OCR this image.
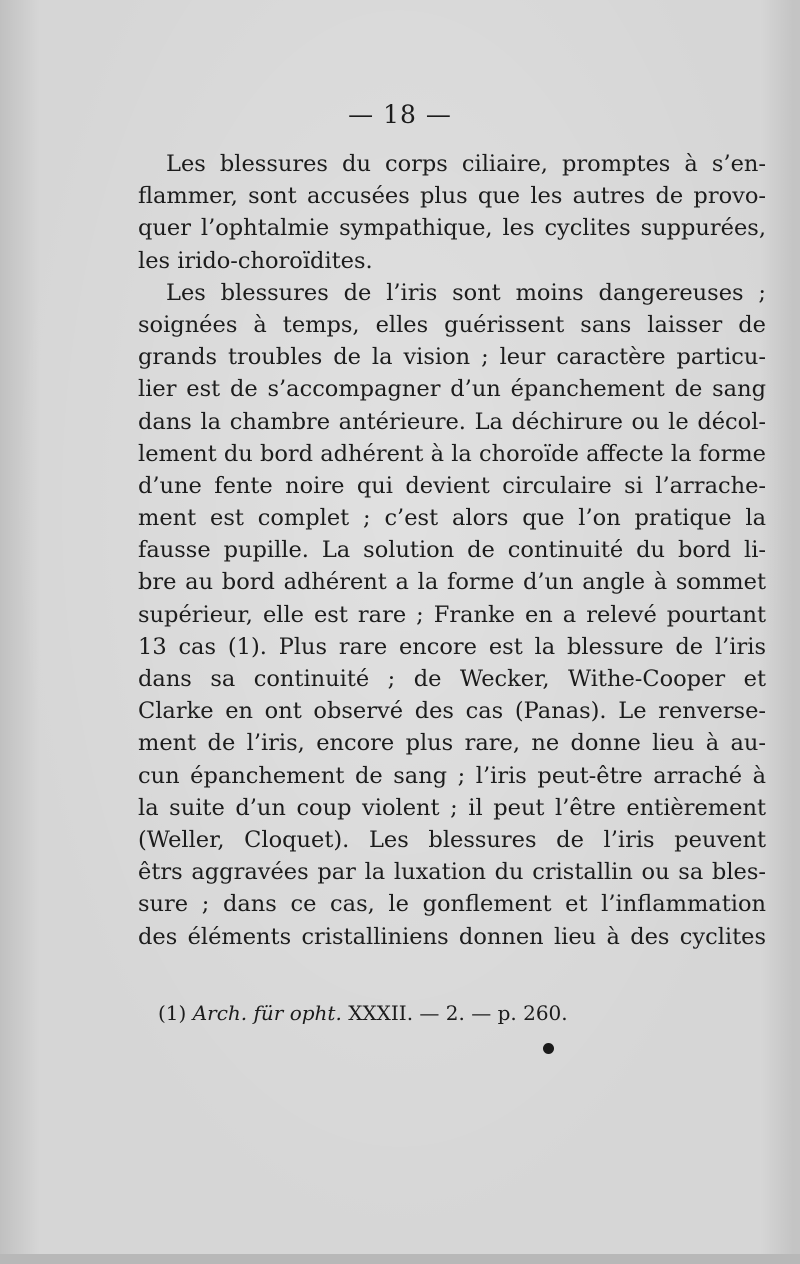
— 18 —
Les blessures du corps ciliaire, promptes à s’en-
flammer, sont accusées plus que les autres de provo-
quer l’ophtalmie sympathique, les cyclites suppurées,
les irido-choroïdites.
Les blessures de l’iris sont moins dangereuses ;
soignées à temps, elles guérissent sans laisser de
grands troubles de la vision ; leur caractère particu-
lier est de s’accompagner d’un épanchement de sang
dans la chambre antérieure. La déchirure ou le décol-
lement du bord adhérent à la choroïde affecte la forme
d’une fente noire qui devient circulaire si l’arrache-
ment est complet ; c’est alors que l’on pratique la
fausse pupille. La solution de continuité du bord li-
bre au bord adhérent a la forme d’un angle à sommet
supérieur, elle est rare ; Franke en a relevé pourtant
13 cas (1). Plus rare encore est la blessure de l’iris
dans sa continuité ; de Wecker, Withe-Cooper et
Clarke en ont observé des cas (Panas). Le renverse-
ment de l’iris, encore plus rare, ne donne lieu à au-
cun épanchement de sang ; l’iris peut-être arraché à
la suite d’un coup violent ; il peut l’être entièrement
(Weller, Cloquet). Les blessures de l’iris peuvent
êtrs aggravées par la luxation du cristallin ou sa bles-
sure ; dans ce cas, le gonflement et l’inflammation
des éléments cristalliniens donnen lieu à des cyclites
(1) Arch. für opht. XXXII. — 2. — p. 260.
